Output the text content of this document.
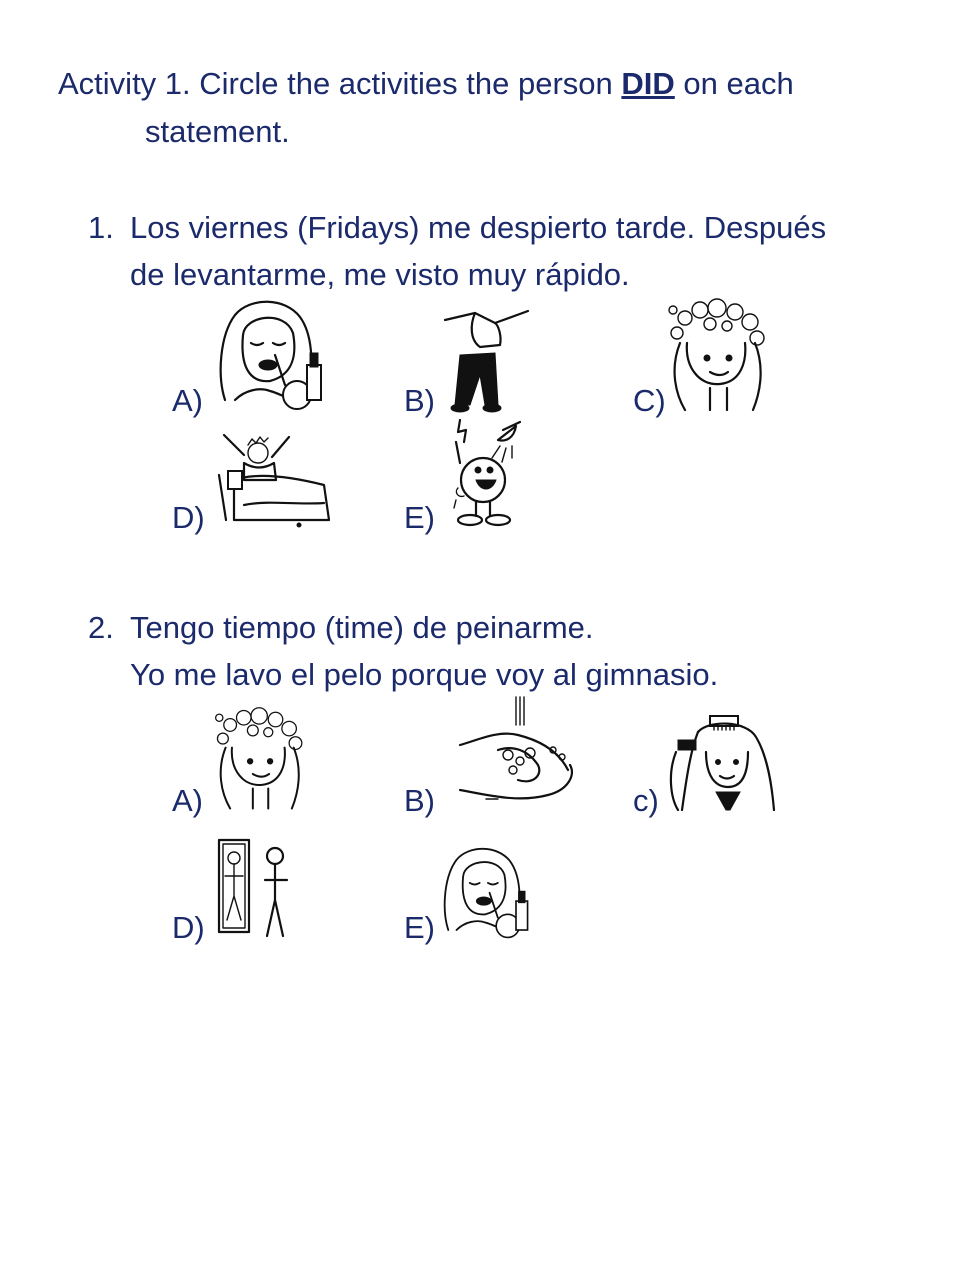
Activity 1. Circle the activities the person DID on each
statement.
1. Los viernes (Fridays) me despierto tarde. Después
de levantarme, me visto muy rápido.
A)	B)	C)
D)	E)
2. Tengo tiempo (time) de peinarme.
Yo me lavo el pelo porque voy al gimnasio.
A)	B)	c)
D)	E)
